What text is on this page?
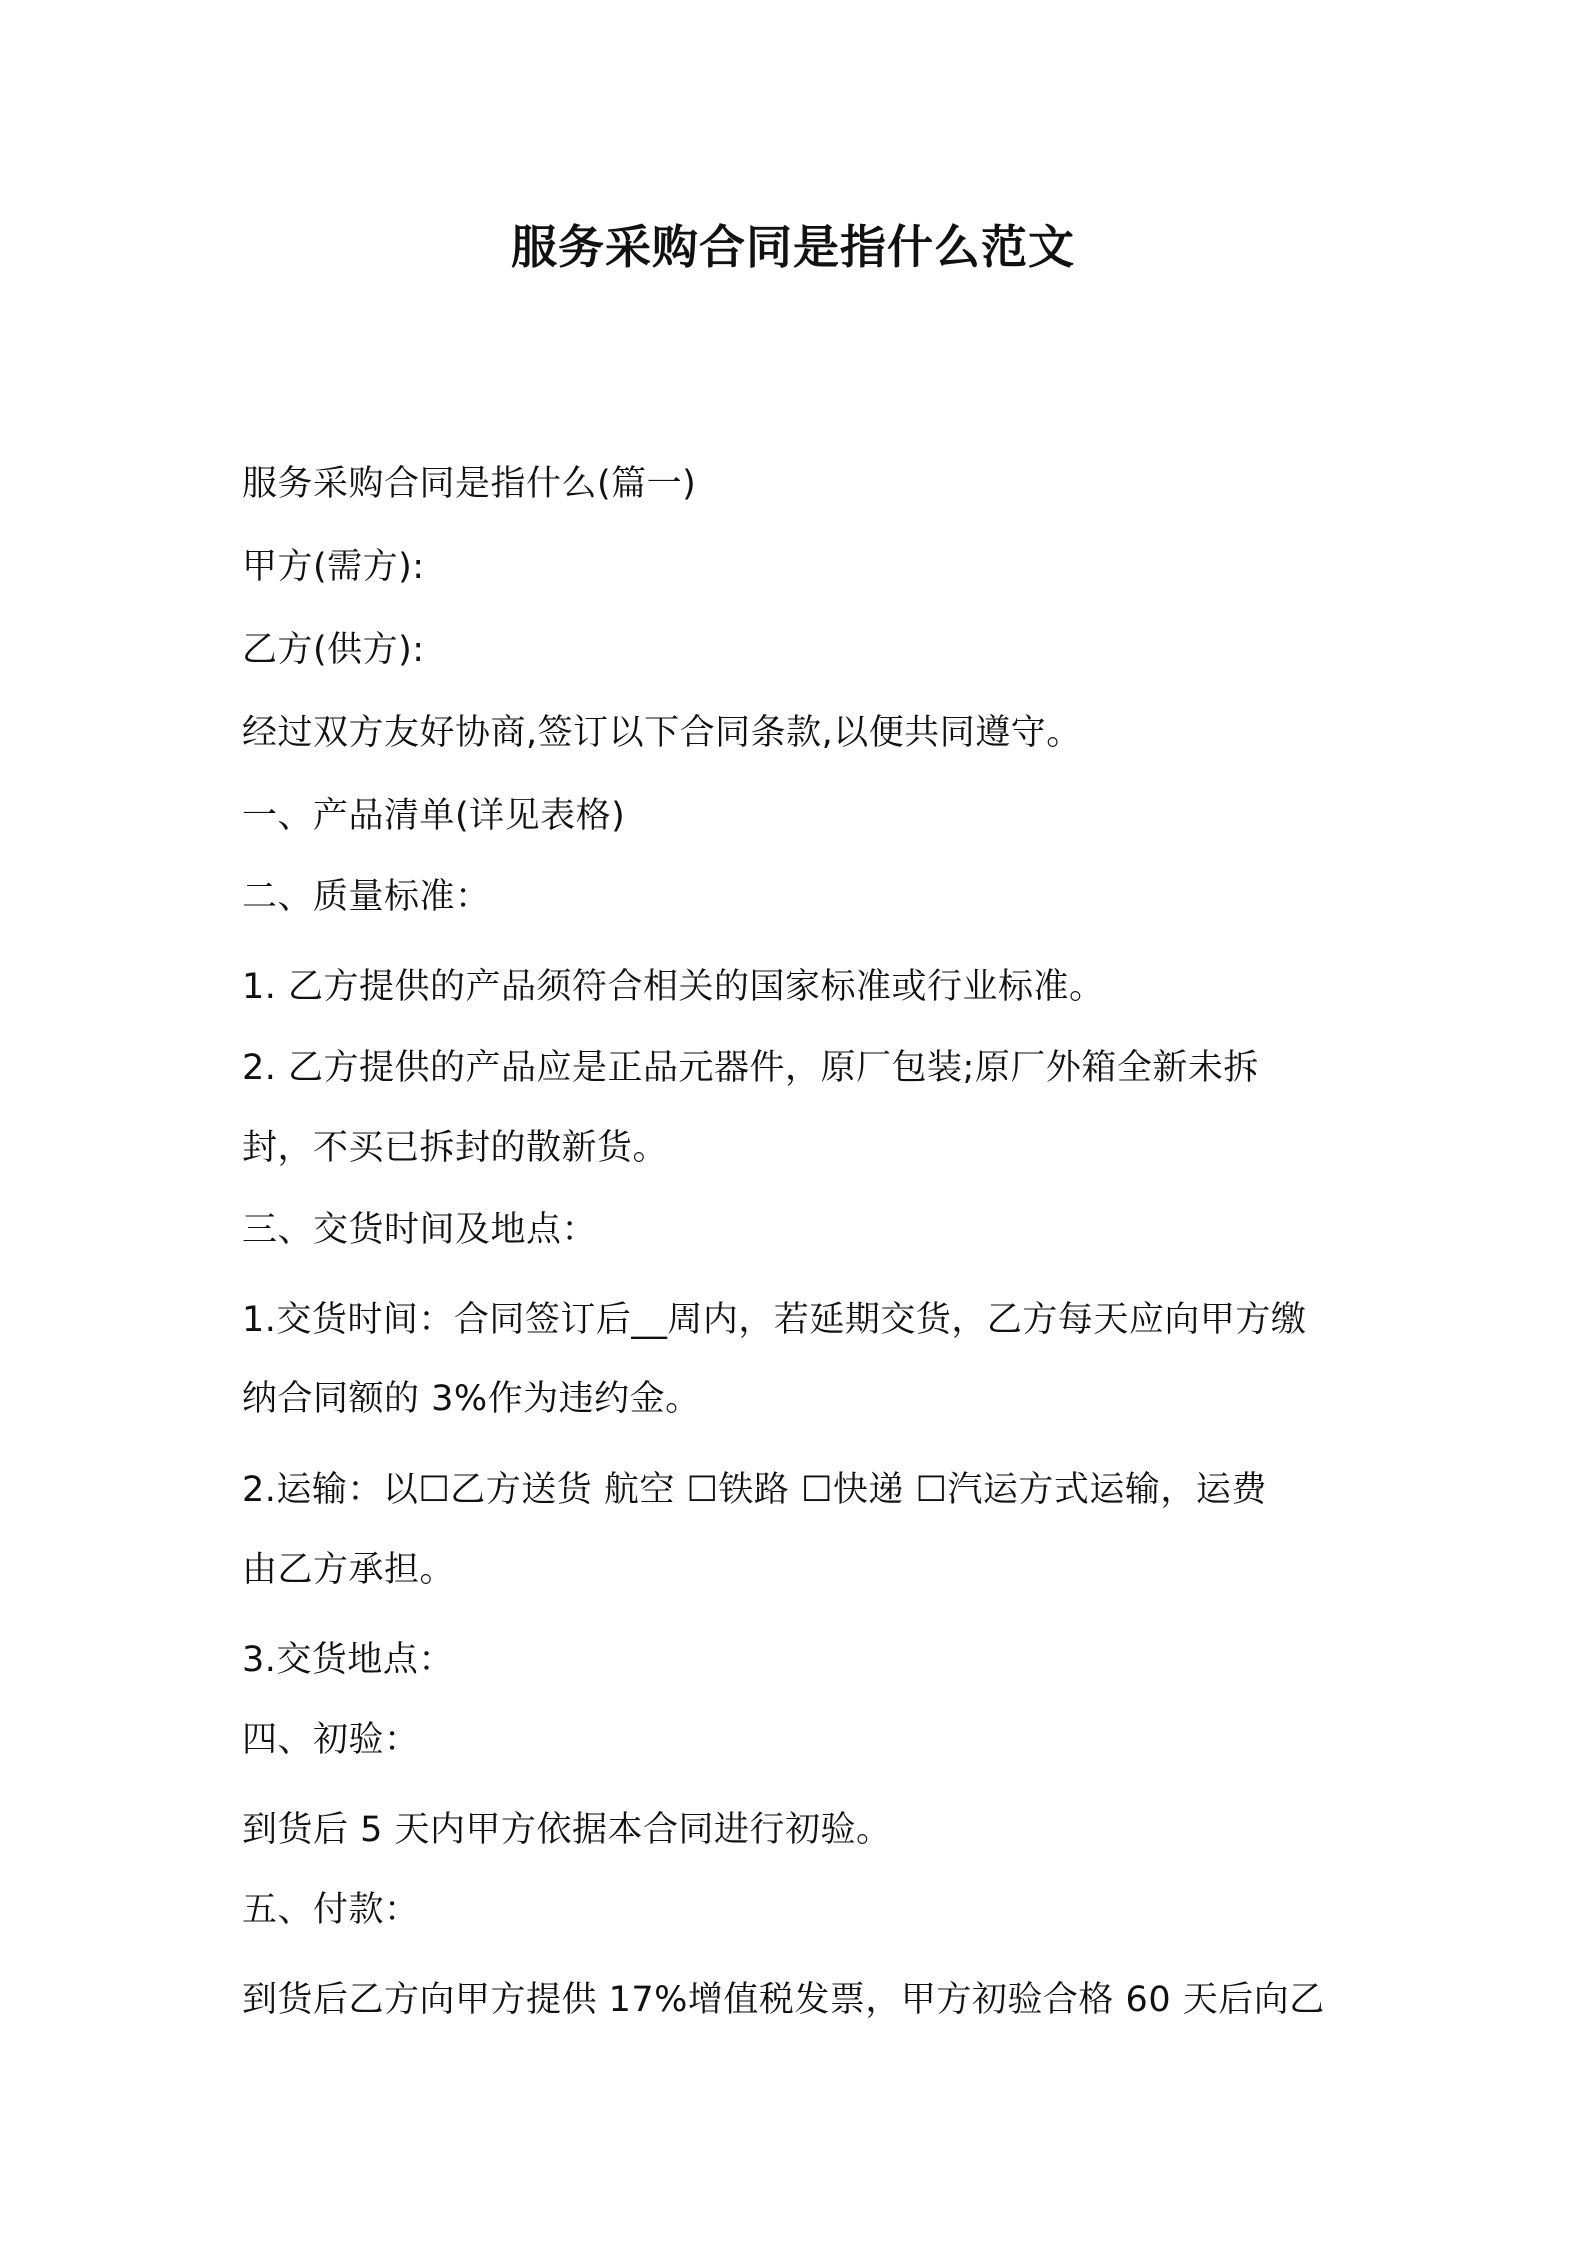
服务采购合同是指什么范文
服务采购合同是指什么(篇一)
甲方(需方):
乙方(供方):
经过双方友好协商,签订以下合同条款,以便共同遵守。
一、产品清单(详见表格)
二、质量标准：
1. 乙方提供的产品须符合相关的国家标准或行业标准。
2. 乙方提供的产品应是正品元器件，原厂包装;原厂外箱全新未拆
封，不买已拆封的散新货。
三、交货时间及地点：
1.交货时间：合同签订后__周内，若延期交货，乙方每天应向甲方缴
纳合同额的 3%作为违约金。
2.运输：以☐乙方送货 航空 ☐铁路 ☐快递 ☐汽运方式运输，运费
由乙方承担。
3.交货地点：
四、初验：
到货后 5 天内甲方依据本合同进行初验。
五、付款：
到货后乙方向甲方提供 17%增值税发票，甲方初验合格 60 天后向乙
